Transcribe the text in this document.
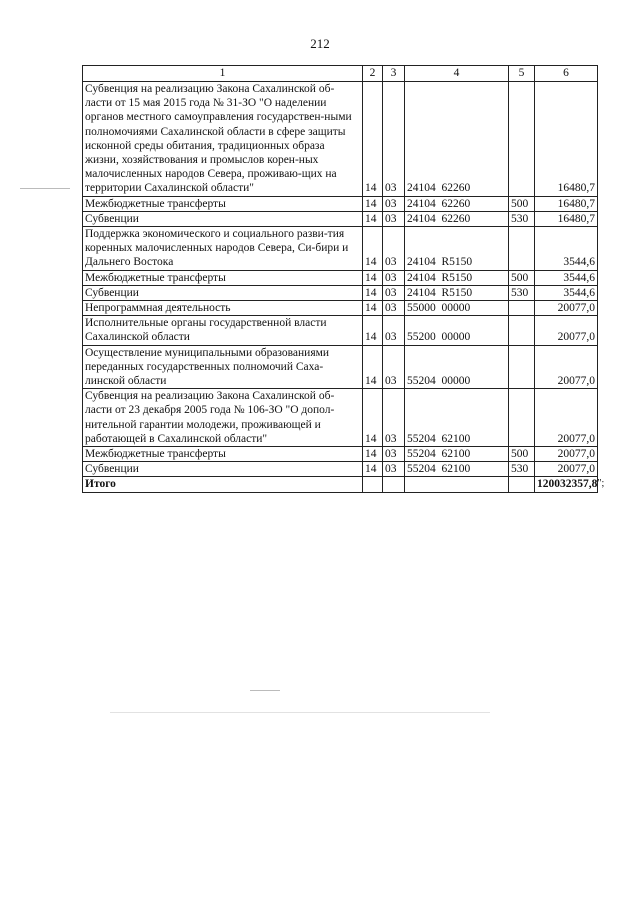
212
1	2	3	4	5	6
Субвенция на реализацию Закона Сахалинской об-ласти от 15 мая 2015 года № 31-ЗО "О наделении органов местного самоуправления государствен-ными полномочиями Сахалинской области в сфере защиты исконной среды обитания, традиционных образа жизни, хозяйствования и промыслов корен-ных малочисленных народов Севера, проживаю-щих на территории Сахалинской области"	14	03	24104  62260		16480,7
Межбюджетные трансферты	14	03	24104  62260	500	16480,7
Субвенции	14	03	24104  62260	530	16480,7
Поддержка экономического и социального разви-тия коренных малочисленных народов Севера, Си-бири и Дальнего Востока	14	03	24104  R5150		3544,6
Межбюджетные трансферты	14	03	24104  R5150	500	3544,6
Субвенции	14	03	24104  R5150	530	3544,6
Непрограммная деятельность	14	03	55000  00000		20077,0
Исполнительные органы государственной власти Сахалинской области	14	03	55200  00000		20077,0
Осуществление муниципальными образованиями переданных государственных полномочий Саха-линской области	14	03	55204  00000		20077,0
Субвенция на реализацию Закона Сахалинской об-ласти от 23 декабря 2005 года № 106-ЗО "О допол-нительной гарантии молодежи, проживающей и работающей в Сахалинской области"	14	03	55204  62100		20077,0
Межбюджетные трансферты	14	03	55204  62100	500	20077,0
Субвенции	14	03	55204  62100	530	20077,0
Итого					120032357,8";
